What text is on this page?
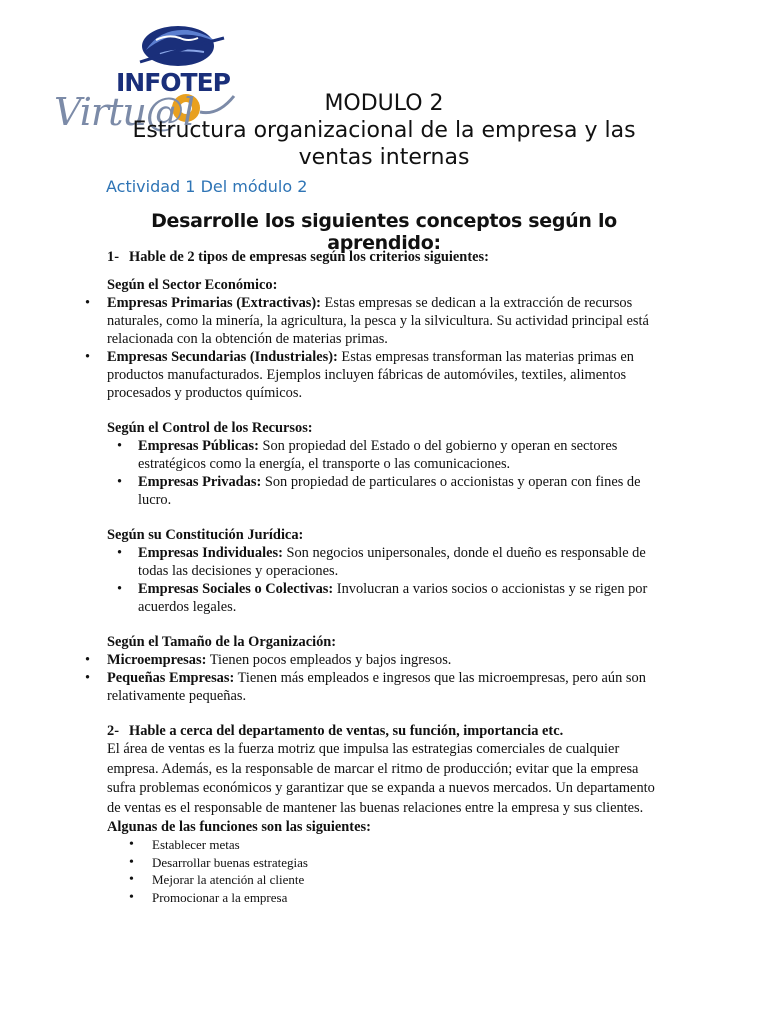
INFOTEP
Virtu@l	MODULO 2
Estructura organizacional de la empresa y las
ventas internas
Actividad 1 Del módulo 2
Desarrolle los siguientes conceptos según lo aprendido:
1- Hable de 2 tipos de empresas según los criterios siguientes:
Según el Sector Económico:
• Empresas Primarias (Extractivas): Estas empresas se dedican a la extracción de recursos naturales, como la minería, la agricultura, la pesca y la silvicultura. Su actividad principal está relacionada con la obtención de materias primas.
• Empresas Secundarias (Industriales): Estas empresas transforman las materias primas en productos manufacturados. Ejemplos incluyen fábricas de automóviles, textiles, alimentos procesados y productos químicos.
Según el Control de los Recursos:
• Empresas Públicas: Son propiedad del Estado o del gobierno y operan en sectores estratégicos como la energía, el transporte o las comunicaciones.
• Empresas Privadas: Son propiedad de particulares o accionistas y operan con fines de lucro.
Según su Constitución Jurídica:
• Empresas Individuales: Son negocios unipersonales, donde el dueño es responsable de todas las decisiones y operaciones.
• Empresas Sociales o Colectivas: Involucran a varios socios o accionistas y se rigen por acuerdos legales.
Según el Tamaño de la Organización:
• Microempresas: Tienen pocos empleados y bajos ingresos.
• Pequeñas Empresas: Tienen más empleados e ingresos que las microempresas, pero aún son relativamente pequeñas.
2- Hable a cerca del departamento de ventas, su función, importancia etc.
El área de ventas es la fuerza motriz que impulsa las estrategias comerciales de cualquier empresa. Además, es la responsable de marcar el ritmo de producción; evitar que la empresa sufra problemas económicos y garantizar que se expanda a nuevos mercados. Un departamento de ventas es el responsable de mantener las buenas relaciones entre la empresa y sus clientes.
Algunas de las funciones son las siguientes:
• Establecer metas
• Desarrollar buenas estrategias
• Mejorar la atención al cliente
• Promocionar a la empresa
